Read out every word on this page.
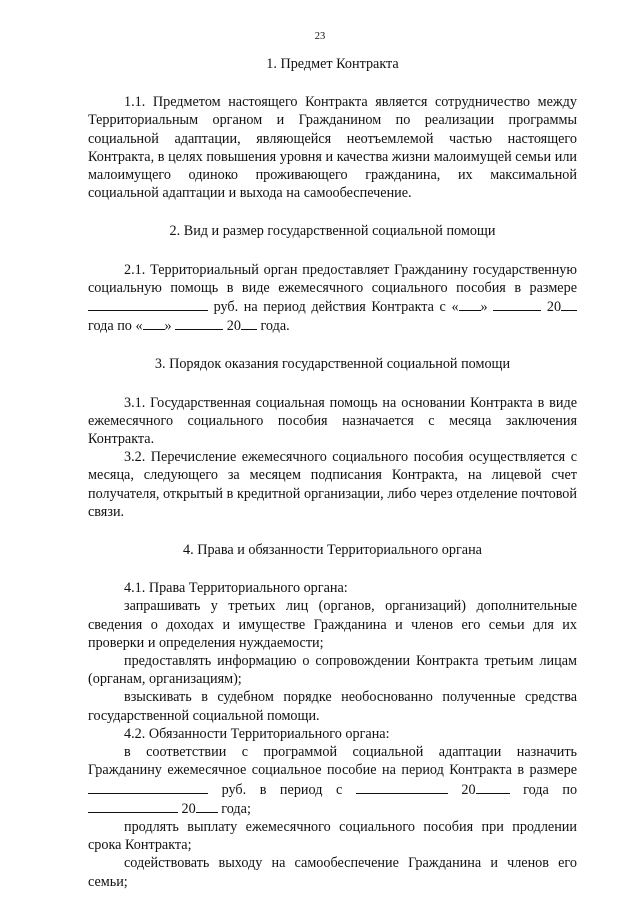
23

1. Предмет Контракта

1.1. Предметом настоящего Контракта является сотрудничество между Территориальным органом и Гражданином по реализации программы социальной адаптации, являющейся неотъемлемой частью настоящего Контракта, в целях повышения уровня и качества жизни малоимущей семьи или малоимущего одиноко проживающего гражданина, их максимальной социальной адаптации и выхода на самообеспечение.

2. Вид и размер государственной социальной помощи

2.1. Территориальный орган предоставляет Гражданину государственную социальную помощь в виде ежемесячного социального пособия в размере  руб. на период действия Контракта с « »	20 года по « »	20 года.

3. Порядок оказания государственной социальной помощи

3.1. Государственная социальная помощь на основании Контракта в виде ежемесячного социального пособия назначается с месяца заключения Контракта.

3.2. Перечисление ежемесячного социального пособия осуществляется с месяца, следующего за месяцем подписания Контракта, на лицевой счет получателя, открытый в кредитной организации, либо через отделение почтовой связи.

4. Права и обязанности Территориального органа

4.1. Права Территориального органа:

запрашивать у третьих лиц (органов, организаций) дополнительные сведения о доходах и имуществе Гражданина и членов его семьи для их проверки и определения нуждаемости;

предоставлять информацию о сопровождении Контракта третьим лицам (органам, организациям);

взыскивать в судебном порядке необоснованно полученные средства государственной социальной помощи.

4.2. Обязанности Территориального органа:

в соответствии с программой социальной адаптации назначить Гражданину ежемесячное социальное пособие на период Контракта в размере  руб. в период с	20	года по  20 года;

продлять выплату ежемесячного социального пособия при продлении срока Контракта;

содействовать выходу на самообеспечение Гражданина и членов его семьи;
